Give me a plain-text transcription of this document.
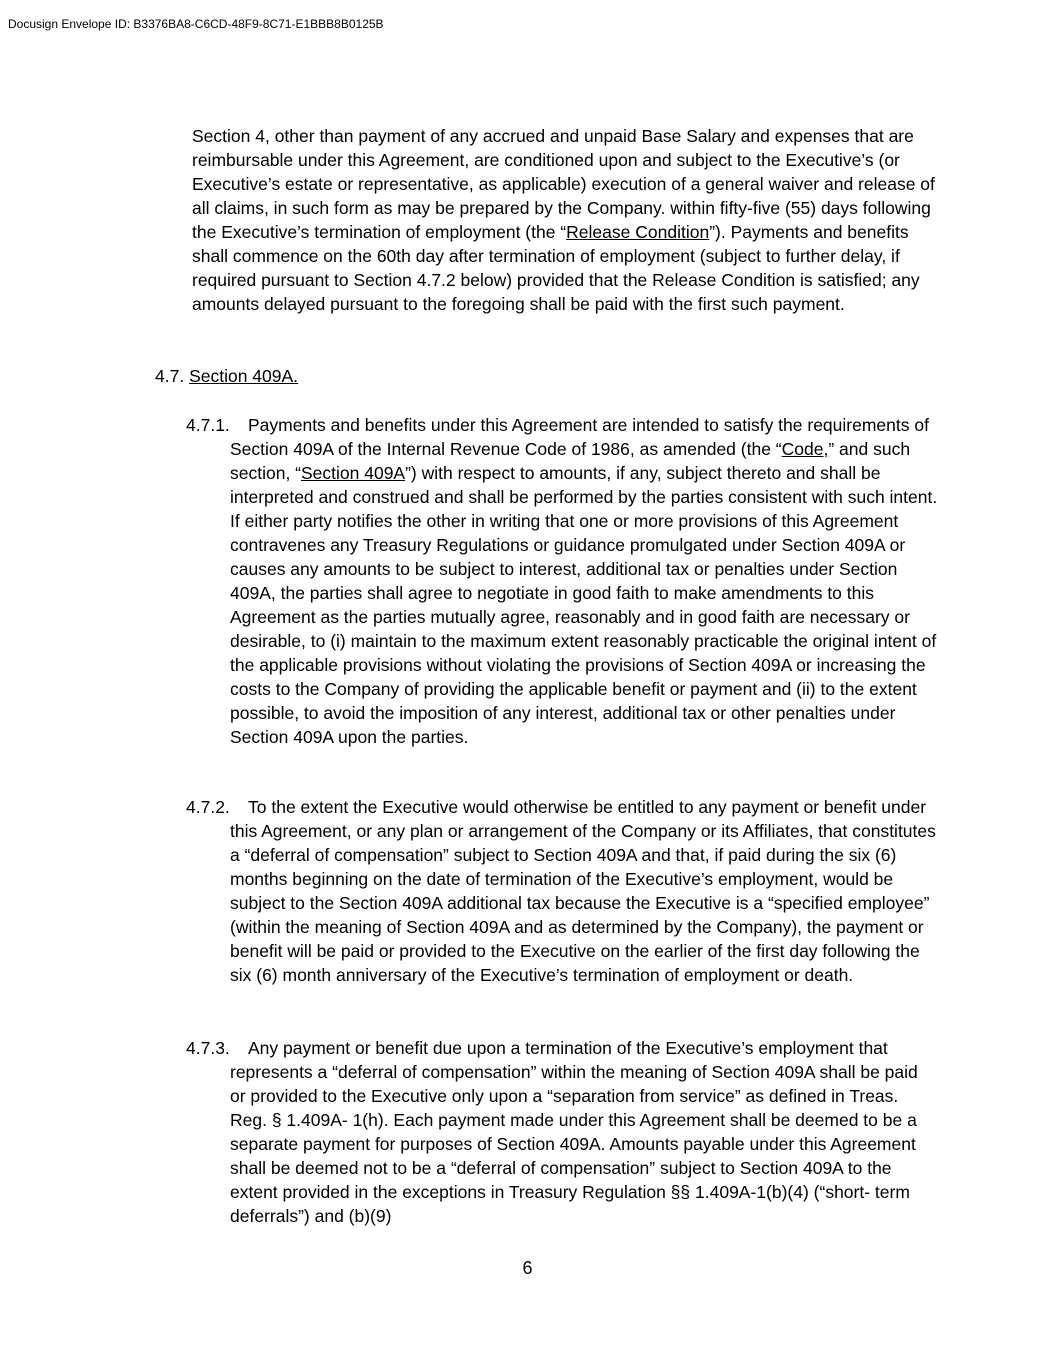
Docusign Envelope ID: B3376BA8-C6CD-48F9-8C71-E1BBB8B0125B

Section 4, other than payment of any accrued and unpaid Base Salary and expenses that are reimbursable under this Agreement, are conditioned upon and subject to the Executive’s (or Executive’s estate or representative, as applicable) execution of a general waiver and release of all claims, in such form as may be prepared by the Company. within fifty-five (55) days following the Executive’s termination of employment (the “Release Condition”). Payments and benefits shall commence on the 60th day after termination of employment (subject to further delay, if required pursuant to Section 4.7.2 below) provided that the Release Condition is satisfied; any amounts delayed pursuant to the foregoing shall be paid with the first such payment.

4.7. Section 409A.

4.7.1. Payments and benefits under this Agreement are intended to satisfy the requirements of Section 409A of the Internal Revenue Code of 1986, as amended (the “Code,” and such section, “Section 409A”) with respect to amounts, if any, subject thereto and shall be interpreted and construed and shall be performed by the parties consistent with such intent. If either party notifies the other in writing that one or more provisions of this Agreement contravenes any Treasury Regulations or guidance promulgated under Section 409A or causes any amounts to be subject to interest, additional tax or penalties under Section 409A, the parties shall agree to negotiate in good faith to make amendments to this Agreement as the parties mutually agree, reasonably and in good faith are necessary or desirable, to (i) maintain to the maximum extent reasonably practicable the original intent of the applicable provisions without violating the provisions of Section 409A or increasing the costs to the Company of providing the applicable benefit or payment and (ii) to the extent possible, to avoid the imposition of any interest, additional tax or other penalties under Section 409A upon the parties.

4.7.2. To the extent the Executive would otherwise be entitled to any payment or benefit under this Agreement, or any plan or arrangement of the Company or its Affiliates, that constitutes a “deferral of compensation” subject to Section 409A and that, if paid during the six (6) months beginning on the date of termination of the Executive’s employment, would be subject to the Section 409A additional tax because the Executive is a “specified employee” (within the meaning of Section 409A and as determined by the Company), the payment or benefit will be paid or provided to the Executive on the earlier of the first day following the six (6) month anniversary of the Executive’s termination of employment or death.

4.7.3. Any payment or benefit due upon a termination of the Executive’s employment that represents a “deferral of compensation” within the meaning of Section 409A shall be paid or provided to the Executive only upon a “separation from service” as defined in Treas. Reg. § 1.409A- 1(h). Each payment made under this Agreement shall be deemed to be a separate payment for purposes of Section 409A. Amounts payable under this Agreement shall be deemed not to be a “deferral of compensation” subject to Section 409A to the extent provided in the exceptions in Treasury Regulation §§ 1.409A-1(b)(4) (“short- term deferrals”) and (b)(9)

6
